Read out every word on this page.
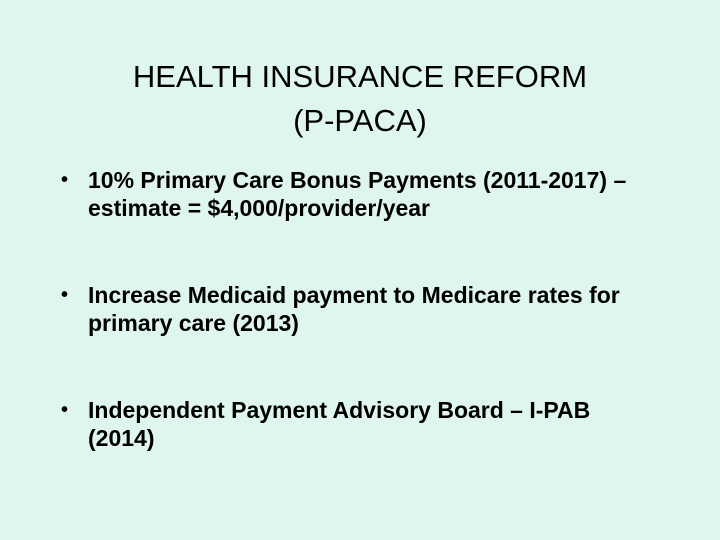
HEALTH INSURANCE REFORM
(P-PACA)
• 10% Primary Care Bonus Payments (2011-2017) – estimate = $4,000/provider/year
• Increase Medicaid payment to Medicare rates for primary care (2013)
• Independent Payment Advisory Board – I-PAB (2014)
